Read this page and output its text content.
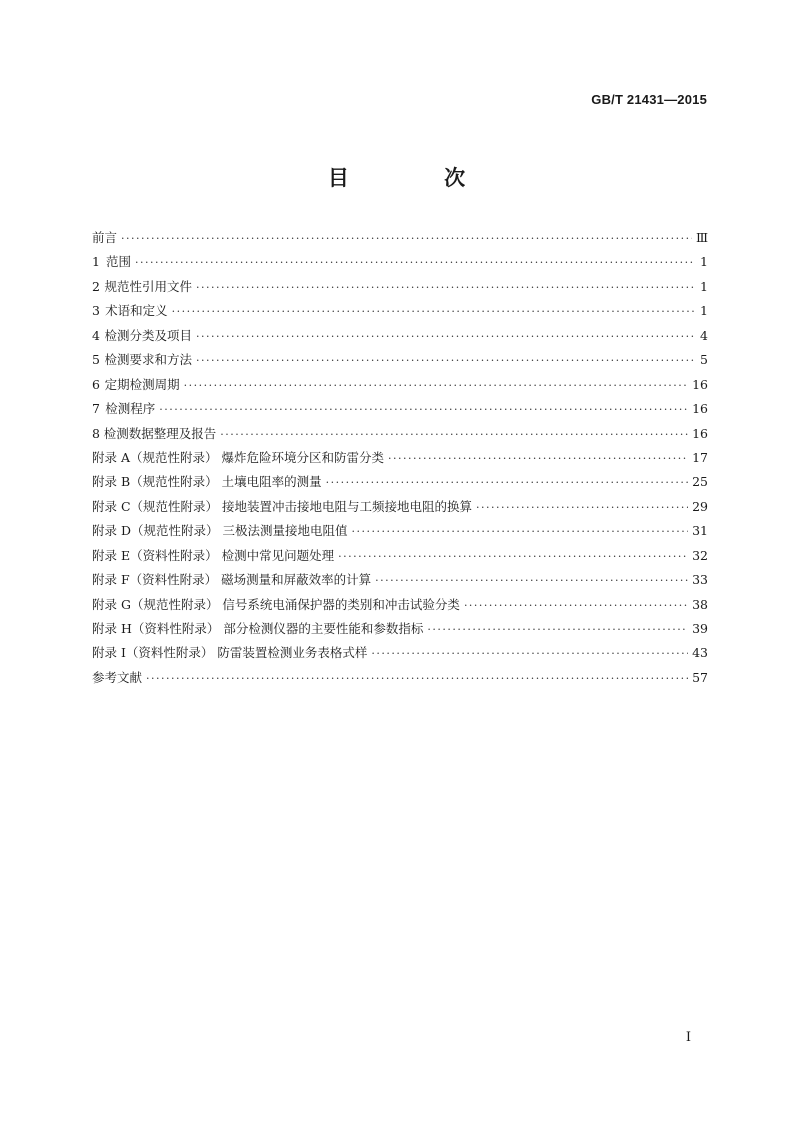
GB/T 21431—2015
目 次
前言 ·····	Ⅲ
1 范围 ·····	1
2 规范性引用文件 ·····	1
3 术语和定义 ·····	1
4 检测分类及项目 ·····	4
5 检测要求和方法 ·····	5
6 定期检测周期 ·····	16
7 检测程序 ·····	16
8 检测数据整理及报告 ·····	16
附录 A（规范性附录） 爆炸危险环境分区和防雷分类 ·····	17
附录 B（规范性附录） 土壤电阻率的测量 ·····	25
附录 C（规范性附录） 接地装置冲击接地电阻与工频接地电阻的换算 ·····	29
附录 D（规范性附录） 三极法测量接地电阻值 ·····	31
附录 E（资料性附录） 检测中常见问题处理 ·····	32
附录 F（资料性附录） 磁场测量和屏蔽效率的计算 ·····	33
附录 G（规范性附录） 信号系统电涌保护器的类别和冲击试验分类 ·····	38
附录 H（资料性附录） 部分检测仪器的主要性能和参数指标 ·····	39
附录 I（资料性附录） 防雷装置检测业务表格式样 ·····	43
参考文献 ·····	57
I
